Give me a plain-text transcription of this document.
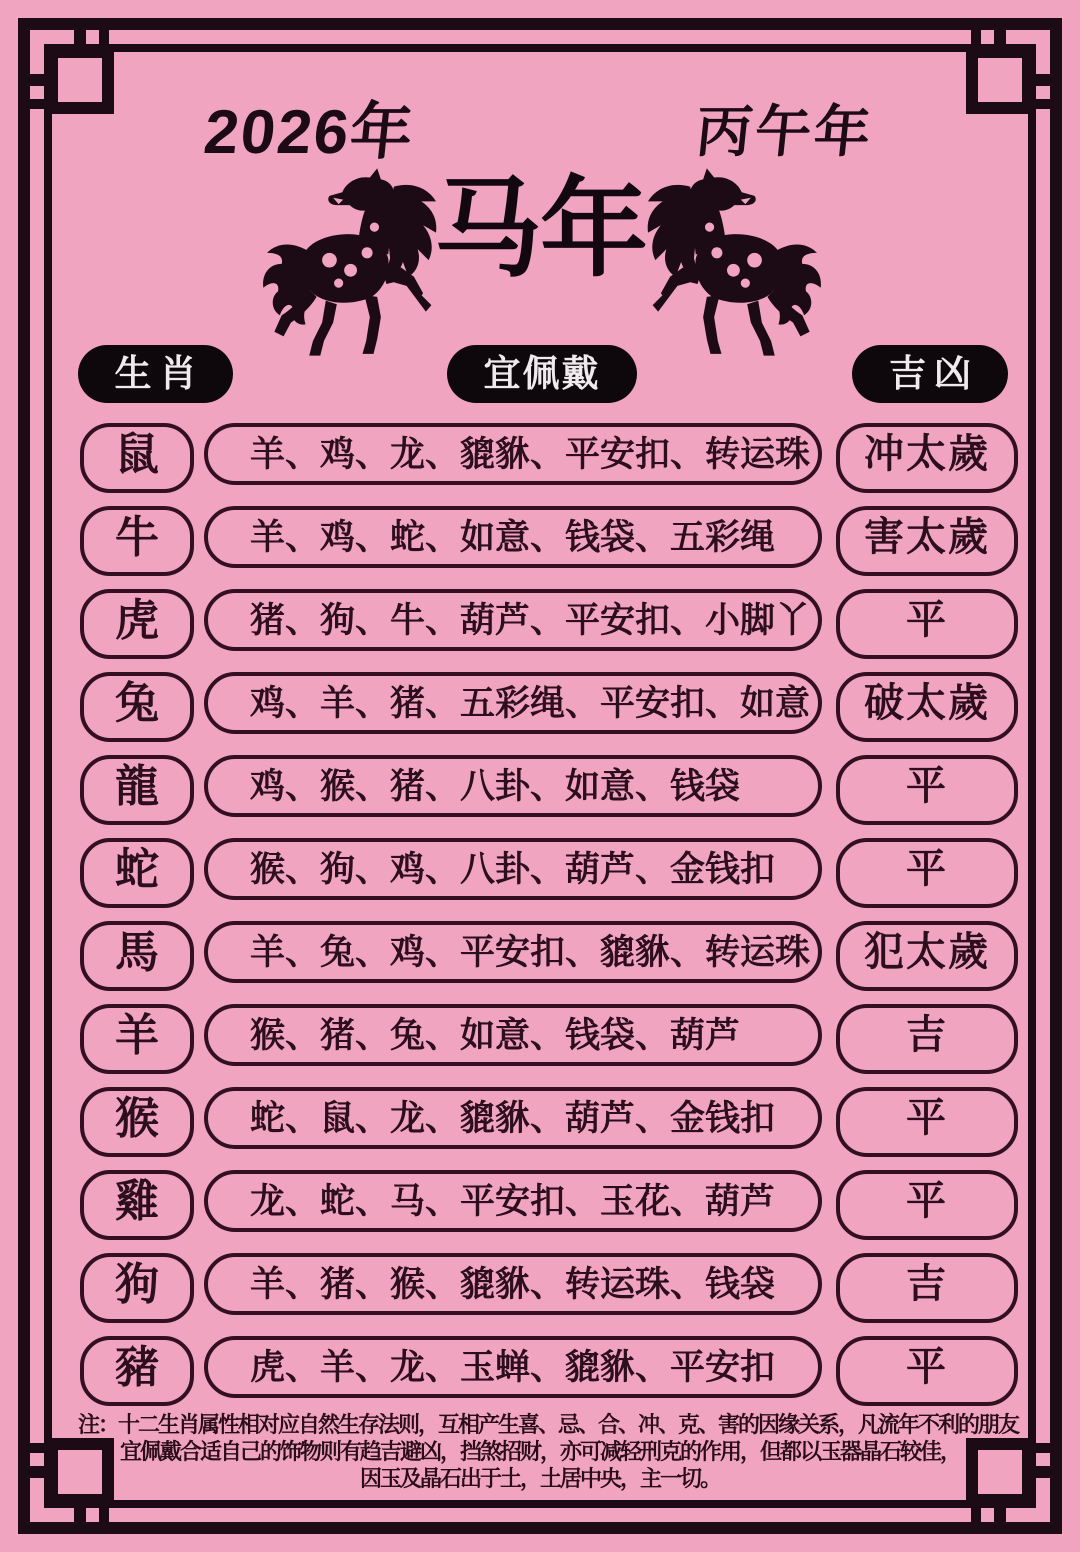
2026年	丙午年
马年
生肖	宜佩戴	吉凶
鼠	羊、鸡、龙、貔貅、平安扣、转运珠	冲太歲
牛	羊、鸡、蛇、如意、钱袋、五彩绳	害太歲
虎	猪、狗、牛、葫芦、平安扣、小脚丫	平
兔	鸡、羊、猪、五彩绳、平安扣、如意	破太歲
龍	鸡、猴、猪、八卦、如意、钱袋	平
蛇	猴、狗、鸡、八卦、葫芦、金钱扣	平
馬	羊、兔、鸡、平安扣、貔貅、转运珠	犯太歲
羊	猴、猪、兔、如意、钱袋、葫芦	吉
猴	蛇、鼠、龙、貔貅、葫芦、金钱扣	平
雞	龙、蛇、马、平安扣、玉花、葫芦	平
狗	羊、猪、猴、貔貅、转运珠、钱袋	吉
豬	虎、羊、龙、玉蝉、貔貅、平安扣	平
注：十二生肖属性相对应自然生存法则，互相产生喜、忌、合、冲、克、害的因缘关系，凡流年不利的朋友
宜佩戴合适自己的饰物则有趋吉避凶，挡煞招财，亦可减轻刑克的作用，但都以玉器晶石较佳，
因玉及晶石出于土，土居中央，主一切。
